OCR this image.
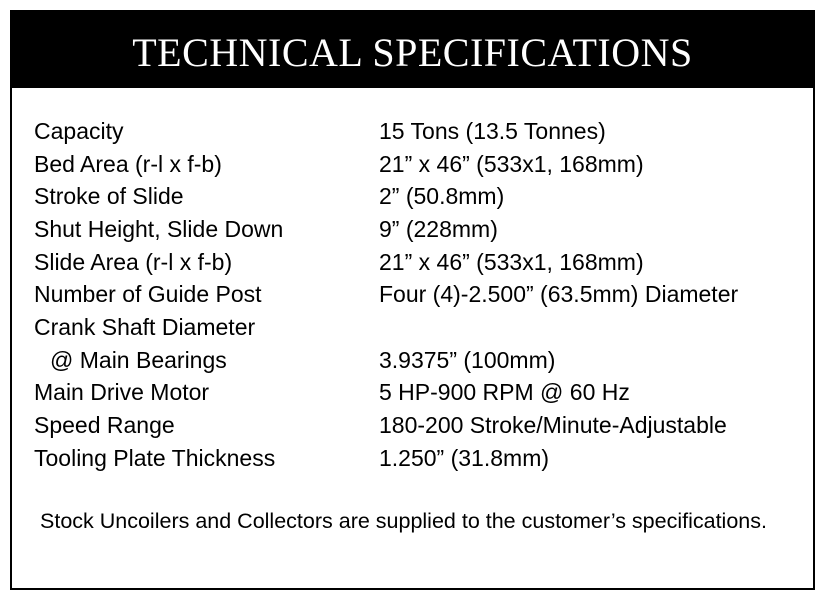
TECHNICAL SPECIFICATIONS
Capacity	15 Tons (13.5 Tonnes)
Bed Area (r-l x f-b)	21” x 46” (533x1, 168mm)
Stroke of Slide	2” (50.8mm)
Shut Height, Slide Down	9” (228mm)
Slide Area (r-l x f-b)	21” x 46” (533x1, 168mm)
Number of Guide Post	Four (4)-2.500” (63.5mm) Diameter
Crank Shaft Diameter
@ Main Bearings	3.9375” (100mm)
Main Drive Motor	5 HP-900 RPM @ 60 Hz
Speed Range	180-200 Stroke/Minute-Adjustable
Tooling Plate Thickness	1.250” (31.8mm)
Stock Uncoilers and Collectors are supplied to the customer’s specifications.
